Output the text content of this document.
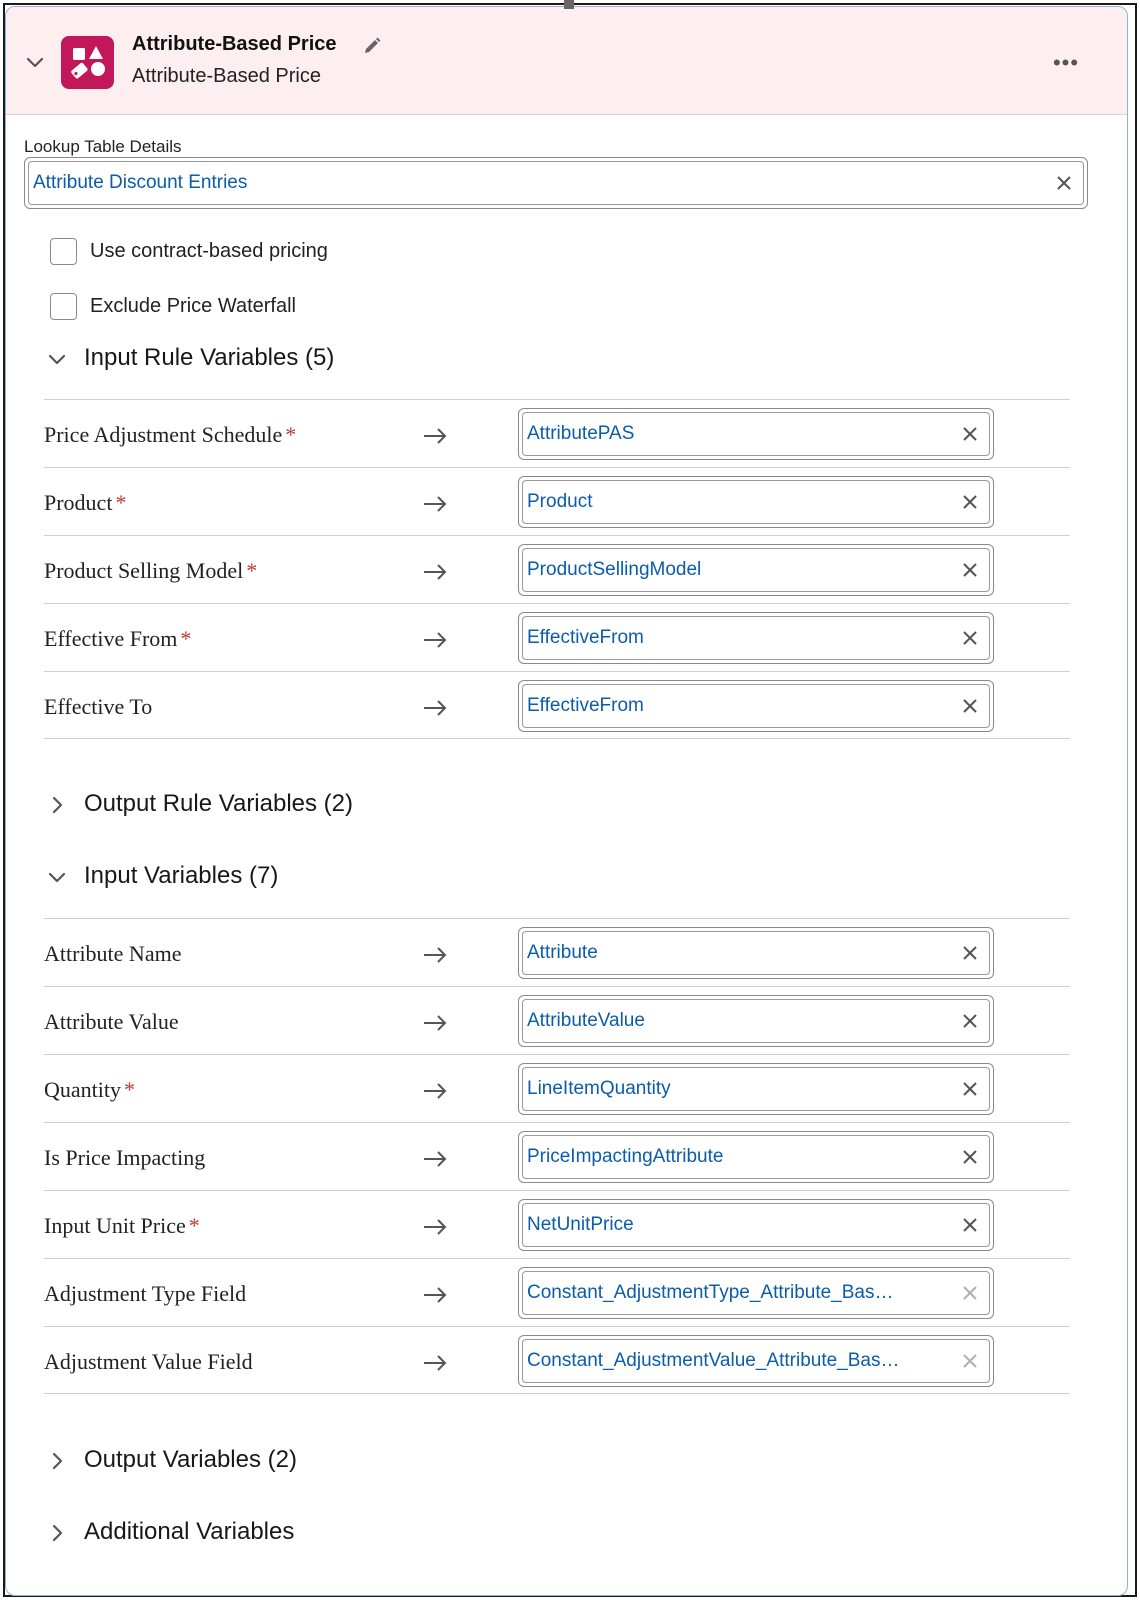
Attribute-Based Price
Attribute-Based Price
•••
Lookup Table Details
Attribute Discount Entries
Use contract-based pricing
Exclude Price Waterfall
Input Rule Variables (5)
Price Adjustment Schedule *	AttributePAS
Product *	Product
Product Selling Model *	ProductSellingModel
Effective From *	EffectiveFrom
Effective To	EffectiveFrom
Output Rule Variables (2)
Input Variables (7)
Attribute Name	Attribute
Attribute Value	AttributeValue
Quantity *	LineItemQuantity
Is Price Impacting	PriceImpactingAttribute
Input Unit Price *	NetUnitPrice
Adjustment Type Field	Constant_AdjustmentType_Attribute_Bas…
Adjustment Value Field	Constant_AdjustmentValue_Attribute_Bas…
Output Variables (2)
Additional Variables
